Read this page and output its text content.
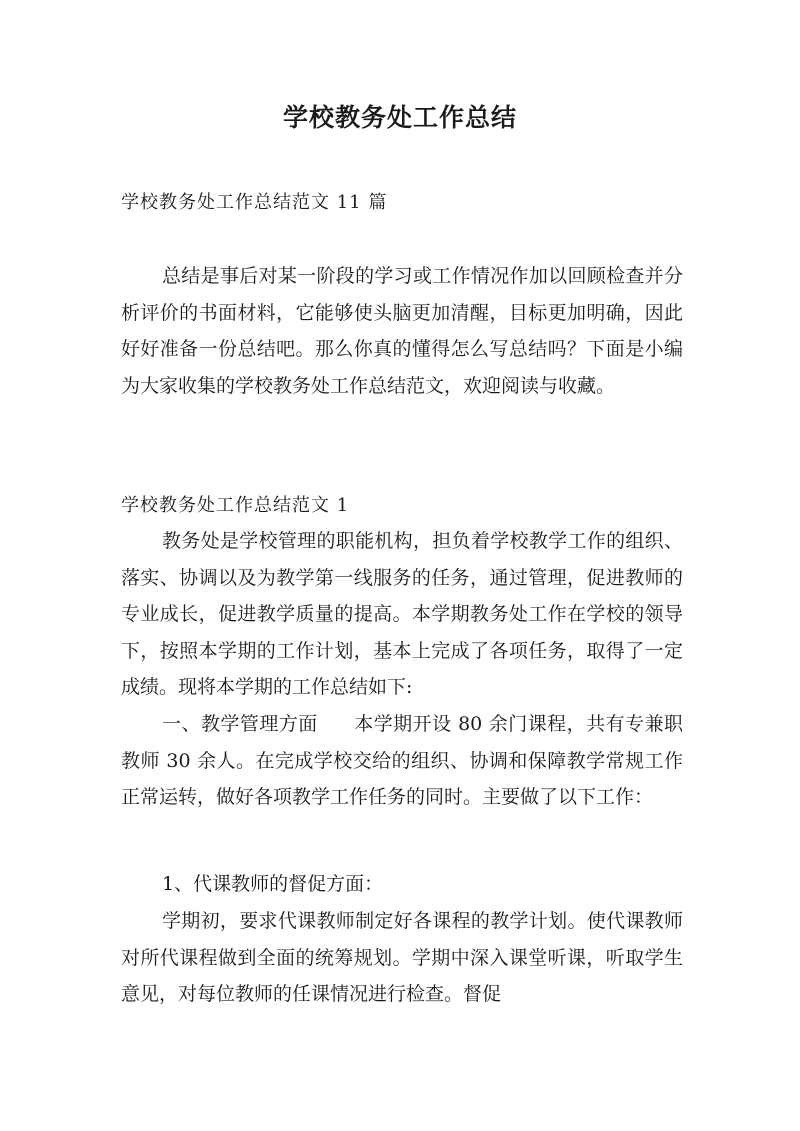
学校教务处工作总结

学校教务处工作总结范文 11 篇

总结是事后对某一阶段的学习或工作情况作加以回顾检查并分析评价的书面材料，它能够使头脑更加清醒，目标更加明确，因此好好准备一份总结吧。那么你真的懂得怎么写总结吗？下面是小编为大家收集的学校教务处工作总结范文，欢迎阅读与收藏。

学校教务处工作总结范文 1

教务处是学校管理的职能机构，担负着学校教学工作的组织、落实、协调以及为教学第一线服务的任务，通过管理，促进教师的专业成长，促进教学质量的提高。本学期教务处工作在学校的领导下，按照本学期的工作计划，基本上完成了各项任务，取得了一定成绩。现将本学期的工作总结如下:

一、教学管理方面 本学期开设 80 余门课程，共有专兼职教师 30 余人。在完成学校交给的组织、协调和保障教学常规工作正常运转，做好各项教学工作任务的同时。主要做了以下工作：

1、代课教师的督促方面：

学期初，要求代课教师制定好各课程的教学计划。使代课教师对所代课程做到全面的统筹规划。学期中深入课堂听课，听取学生意见，对每位教师的任课情况进行检查。督促
